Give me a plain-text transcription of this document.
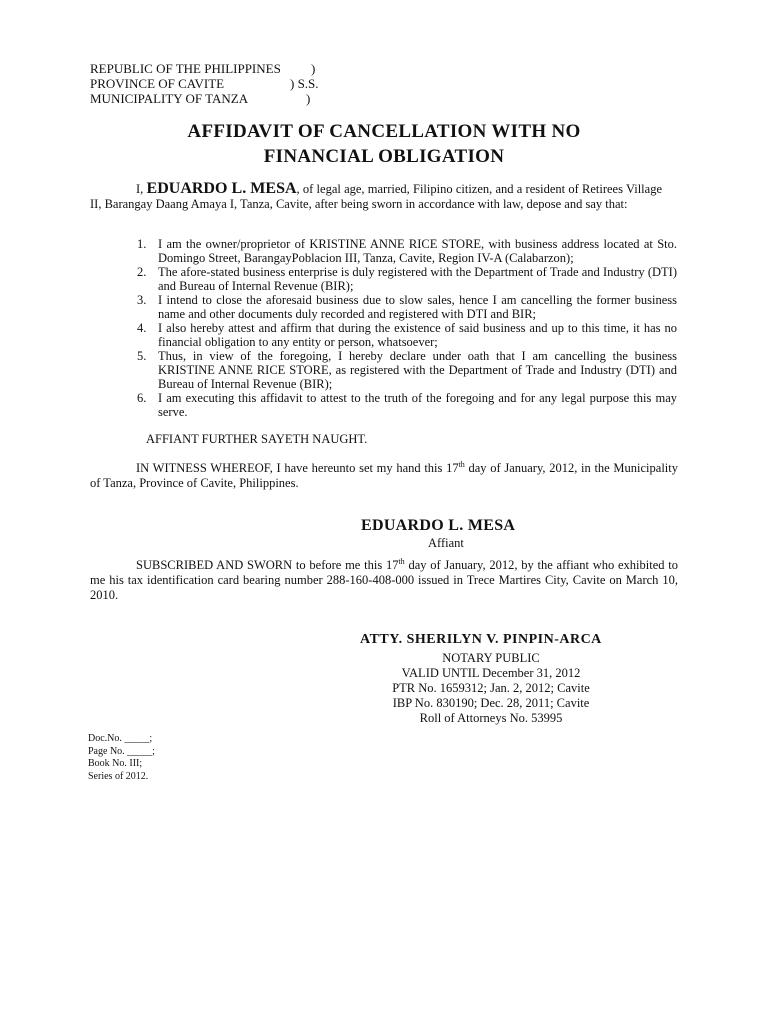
REPUBLIC OF THE PHILIPPINES )
PROVINCE OF CAVITE	) S.S.
MUNICIPALITY OF TANZA	)
AFFIDAVIT OF CANCELLATION WITH NO
FINANCIAL OBLIGATION
I, EDUARDO L. MESA, of legal age, married, Filipino citizen, and a resident of Retirees Village II, Barangay Daang Amaya I, Tanza, Cavite, after being sworn in accordance with law, depose and say that:
1. I am the owner/proprietor of KRISTINE ANNE RICE STORE, with business address located at Sto. Domingo Street, BarangayPoblacion III, Tanza, Cavite, Region IV-A (Calabarzon);
2. The afore-stated business enterprise is duly registered with the Department of Trade and Industry (DTI) and Bureau of Internal Revenue (BIR);
3. I intend to close the aforesaid business due to slow sales, hence I am cancelling the former business name and other documents duly recorded and registered with DTI and BIR;
4. I also hereby attest and affirm that during the existence of said business and up to this time, it has no financial obligation to any entity or person, whatsoever;
5. Thus, in view of the foregoing, I hereby declare under oath that I am cancelling the business KRISTINE ANNE RICE STORE, as registered with the Department of Trade and Industry (DTI) and Bureau of Internal Revenue (BIR);
6. I am executing this affidavit to attest to the truth of the foregoing and for any legal purpose this may serve.
AFFIANT FURTHER SAYETH NAUGHT.
IN WITNESS WHEREOF, I have hereunto set my hand this 17th day of January, 2012, in the Municipality of Tanza, Province of Cavite, Philippines.
EDUARDO L. MESA
Affiant
SUBSCRIBED AND SWORN to before me this 17th day of January, 2012, by the affiant who exhibited to me his tax identification card bearing number 288-160-408-000 issued in Trece Martires City, Cavite on March 10, 2010.
ATTY. SHERILYN V. PINPIN-ARCA
NOTARY PUBLIC
VALID UNTIL December 31, 2012
PTR No. 1659312; Jan. 2, 2012; Cavite
IBP No. 830190; Dec. 28, 2011; Cavite
Roll of Attorneys No. 53995
Doc.No. _____;
Page No. _____;
Book No. III;
Series of 2012.
